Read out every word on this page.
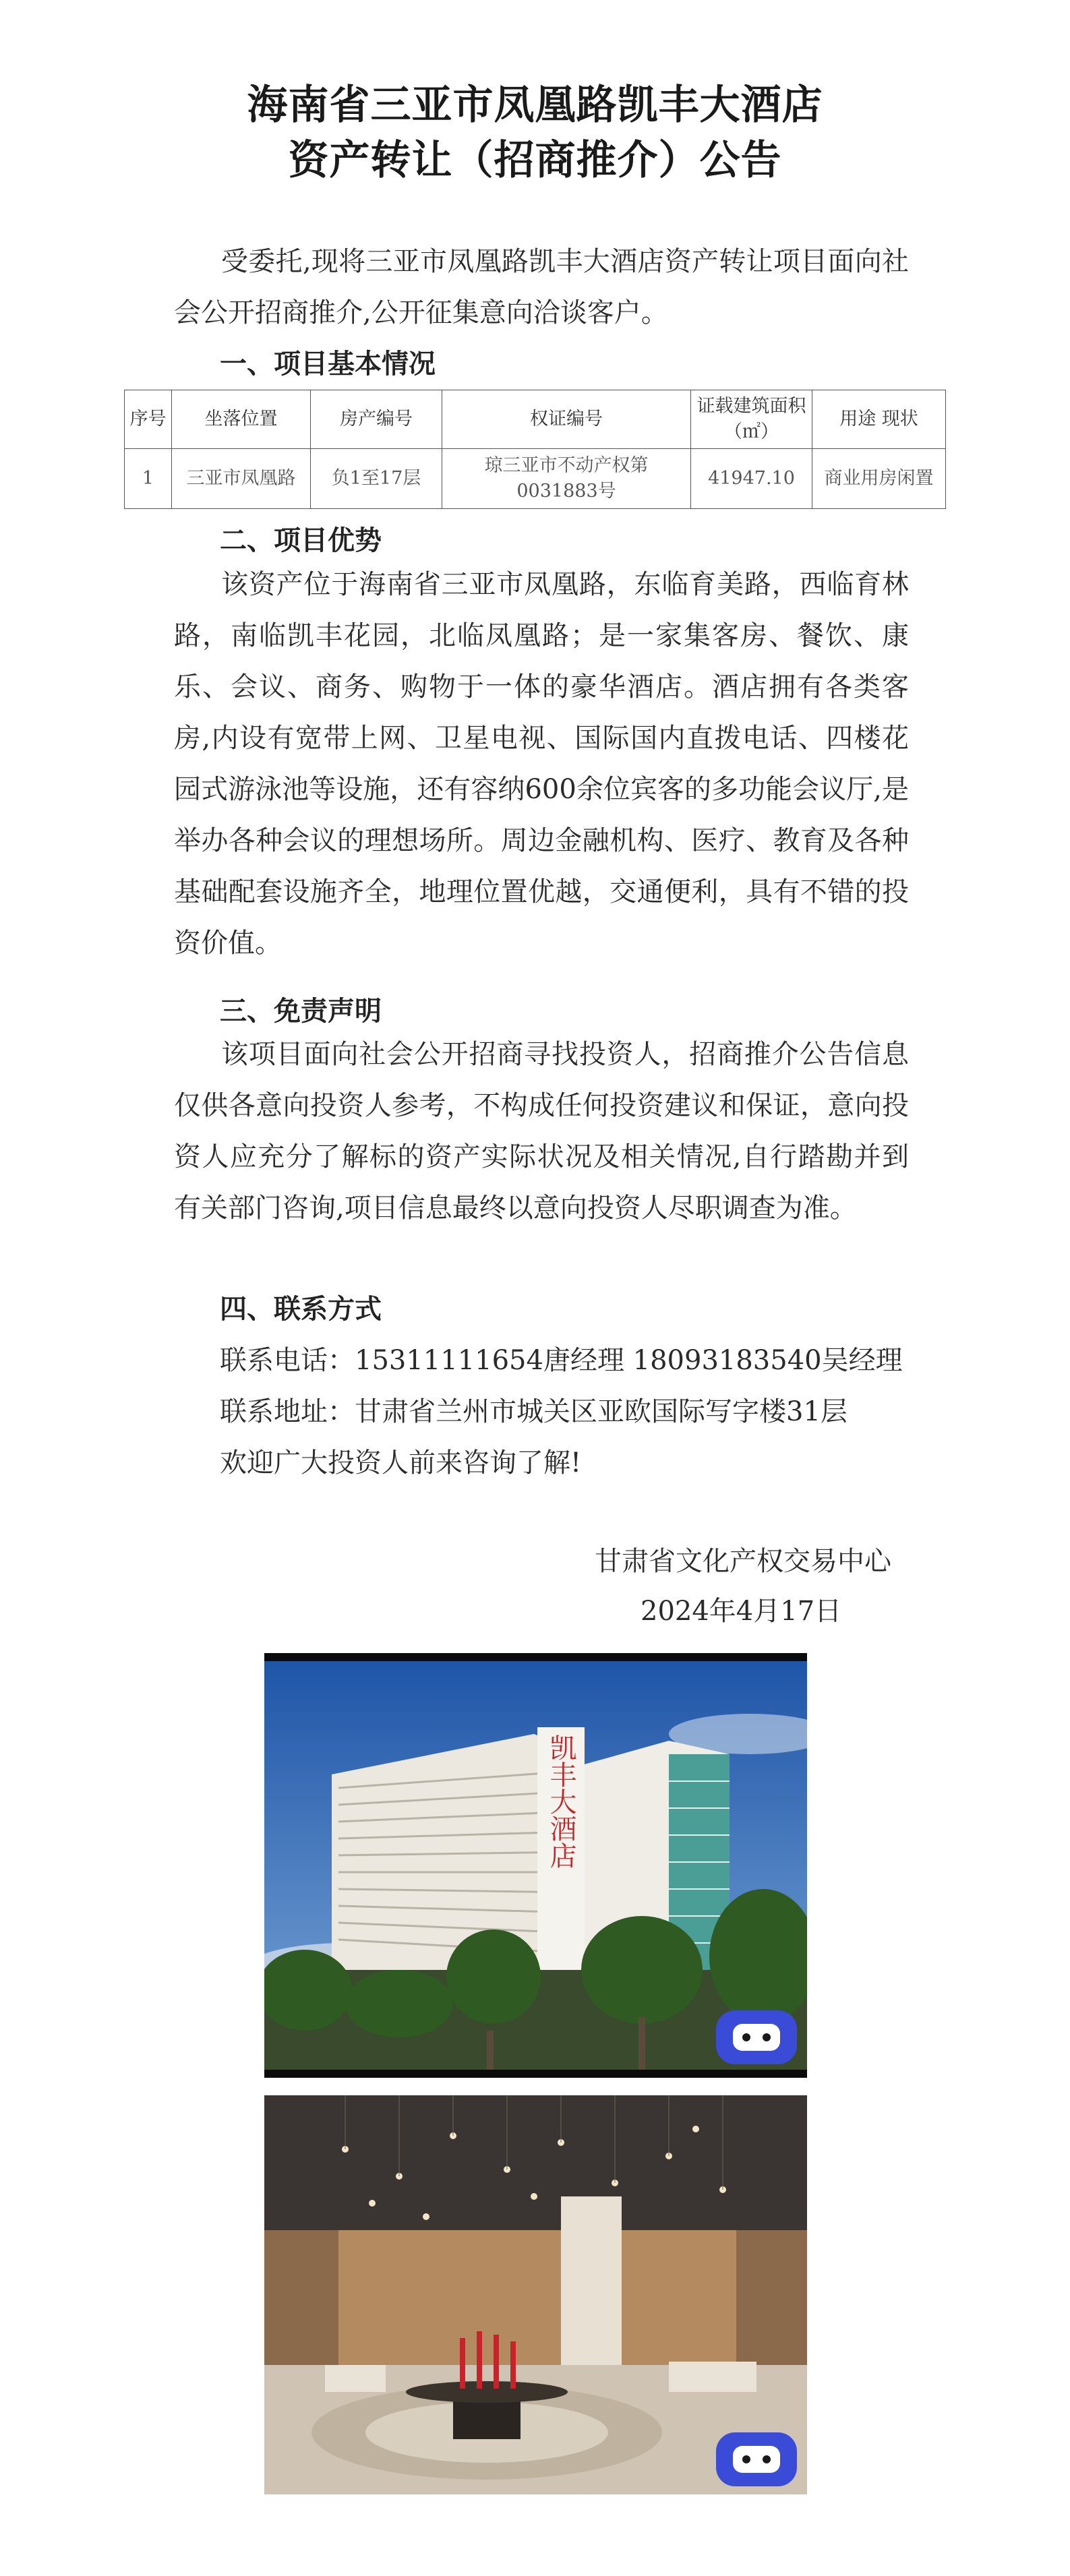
海南省三亚市凤凰路凯丰大酒店
资产转让（招商推介）公告

受委托,现将三亚市凤凰路凯丰大酒店资产转让项目面向社会公开招商推介,公开征集意向洽谈客户。

一、项目基本情况
序号	坐落位置	房产编号	权证编号	证载建筑面积（㎡）	用途 现状
1	三亚市凤凰路	负1至17层	琼三亚市不动产权第0031883号	41947.10	商业用房闲置
二、项目优势

该资产位于海南省三亚市凤凰路，东临育美路，西临育林路，南临凯丰花园，北临凤凰路；是一家集客房、餐饮、康乐、会议、商务、购物于一体的豪华酒店。酒店拥有各类客房,内设有宽带上网、卫星电视、国际国内直拨电话、四楼花园式游泳池等设施，还有容纳600余位宾客的多功能会议厅,是举办各种会议的理想场所。周边金融机构、医疗、教育及各种基础配套设施齐全，地理位置优越，交通便利，具有不错的投资价值。

三、免责声明

该项目面向社会公开招商寻找投资人，招商推介公告信息仅供各意向投资人参考，不构成任何投资建议和保证，意向投资人应充分了解标的资产实际状况及相关情况,自行踏勘并到有关部门咨询,项目信息最终以意向投资人尽职调查为准。

四、联系方式
联系电话：15311111654唐经理 18093183540吴经理
联系地址：甘肃省兰州市城关区亚欧国际写字楼31层
欢迎广大投资人前来咨询了解!
甘肃省文化产权交易中心
2024年4月17日
凯丰大酒店
